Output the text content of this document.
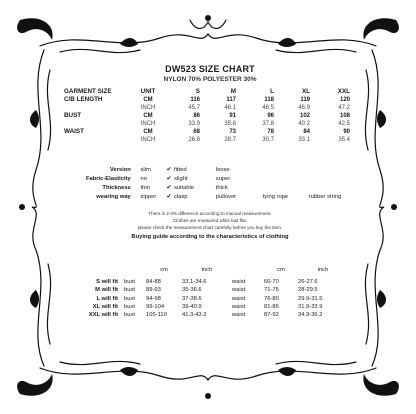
DW523 SIZE CHART
NYLON 70% POLYESTER 30%
GARMENT SIZE	UNIT	S	M	L	XL	XXL
C/B LENGTH	CM	116	117	118	119	120
	INCH	45.7	46.1	46.5	46.9	47.2
BUST	CM	86	91	96	102	108
	INCH	33.9	35.8	37.8	40.2	42.5
WAIST	CM	68	73	78	84	90
	INCH	26.8	28.7	30.7	33.1	35.4
Version		slim	✔	fitted		loose				
Fabric-Elasticity		no	✔	slight		super				
Thickness		thin	✔	suitable		thick				
wearing way		zipper	✔	clasp		pullover		tying rope		rubber string
There is 2-3% difference according to manual measurement.
Clothes are measured while laid flat.
please check the measurement chart carefully before you buy the item.
Buying guide according to the characteristics of clothing
		cm	inch		cm	inch

S will fit	bust	84-88	33.1-34.6	waist	66-70	26-27.6
M will fit	bust	89-93	35-36.6	waist	71-75	28-29.5
L will fit	bust	94-98	37-38.6	waist	76-80	29.9-31.5
XL will fit	bust	99-104	39-40.9	waist	81-86	31.9-33.9
XXL will fit	bust	105-110	41.3-43.3	waist	87-92	34.3-36.2
